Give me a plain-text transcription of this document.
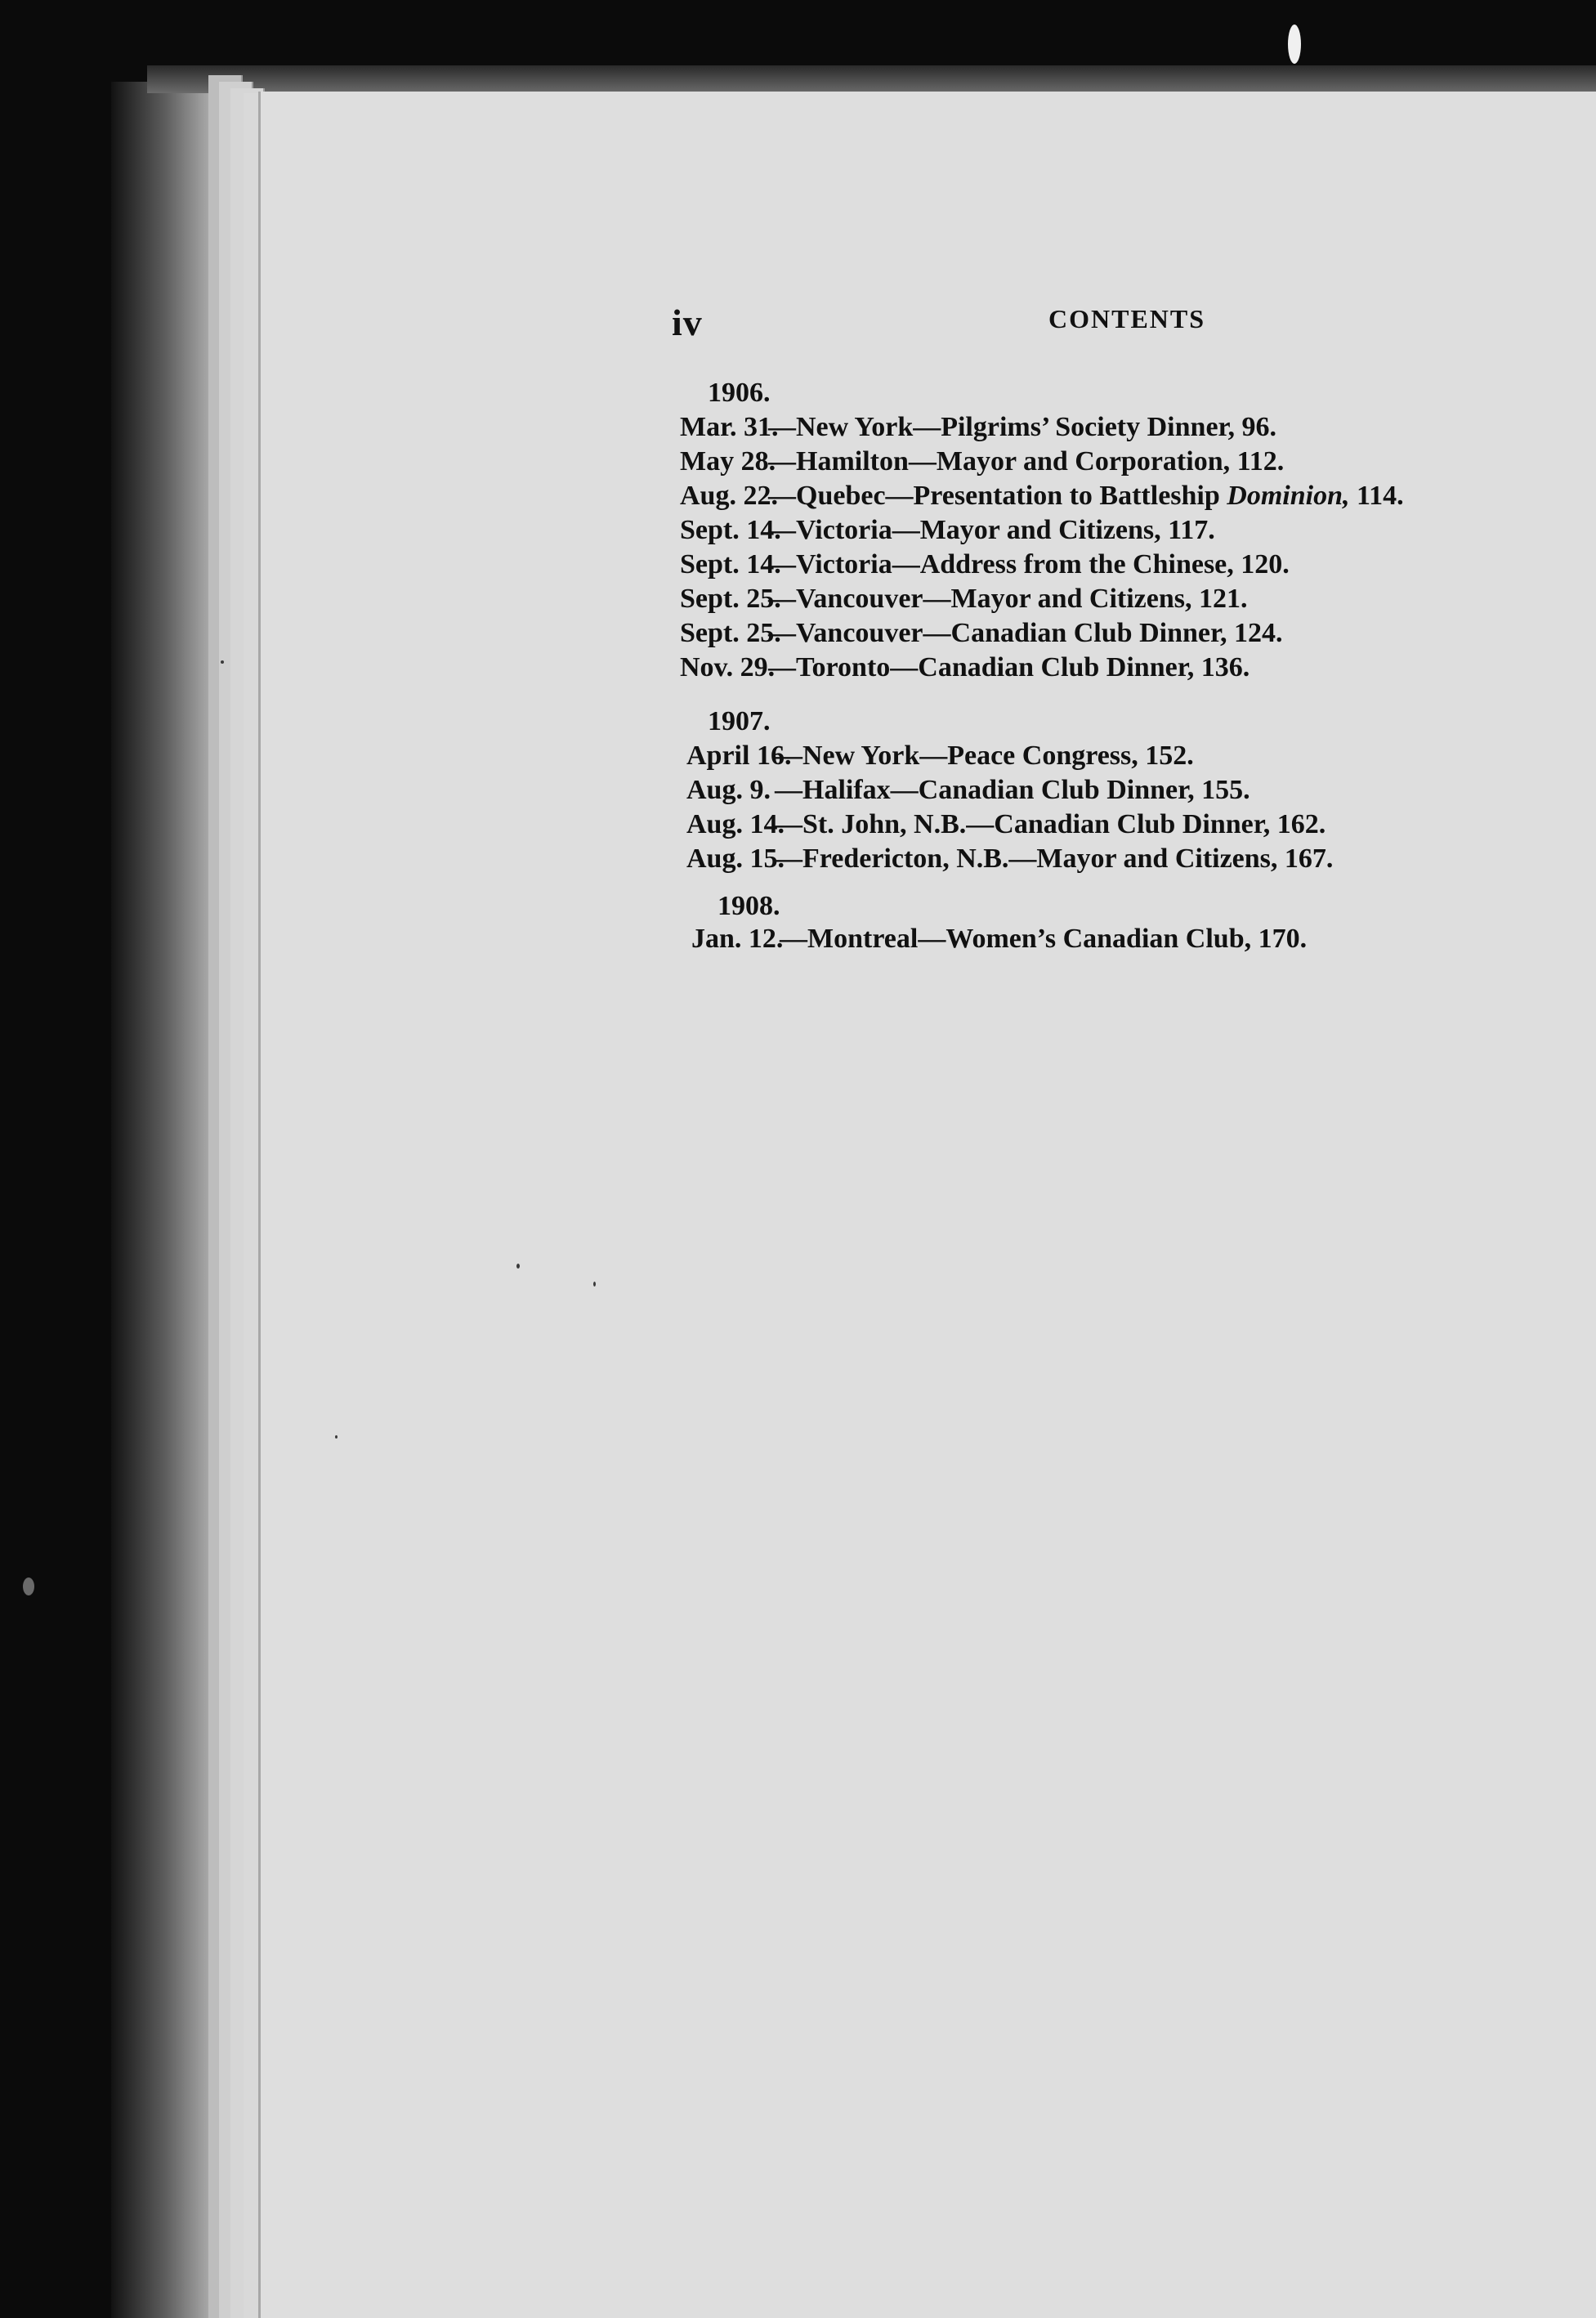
iv	CONTENTS
1906.
Mar. 31.—New York—Pilgrims’ Society Dinner, 96.
May 28.—Hamilton—Mayor and Corporation, 112.
Aug. 22.—Quebec—Presentation to Battleship Dominion, 114.
Sept. 14.—Victoria—Mayor and Citizens, 117.
Sept. 14.—Victoria—Address from the Chinese, 120.
Sept. 25.—Vancouver—Mayor and Citizens, 121.
Sept. 25.—Vancouver—Canadian Club Dinner, 124.
Nov. 29.—Toronto—Canadian Club Dinner, 136.
1907.
April 16.—New York—Peace Congress, 152.
Aug. 9. —Halifax—Canadian Club Dinner, 155.
Aug. 14.—St. John, N.B.—Canadian Club Dinner, 162.
Aug. 15.—Fredericton, N.B.—Mayor and Citizens, 167.
1908.
Jan. 12.—Montreal—Women’s Canadian Club, 170.
